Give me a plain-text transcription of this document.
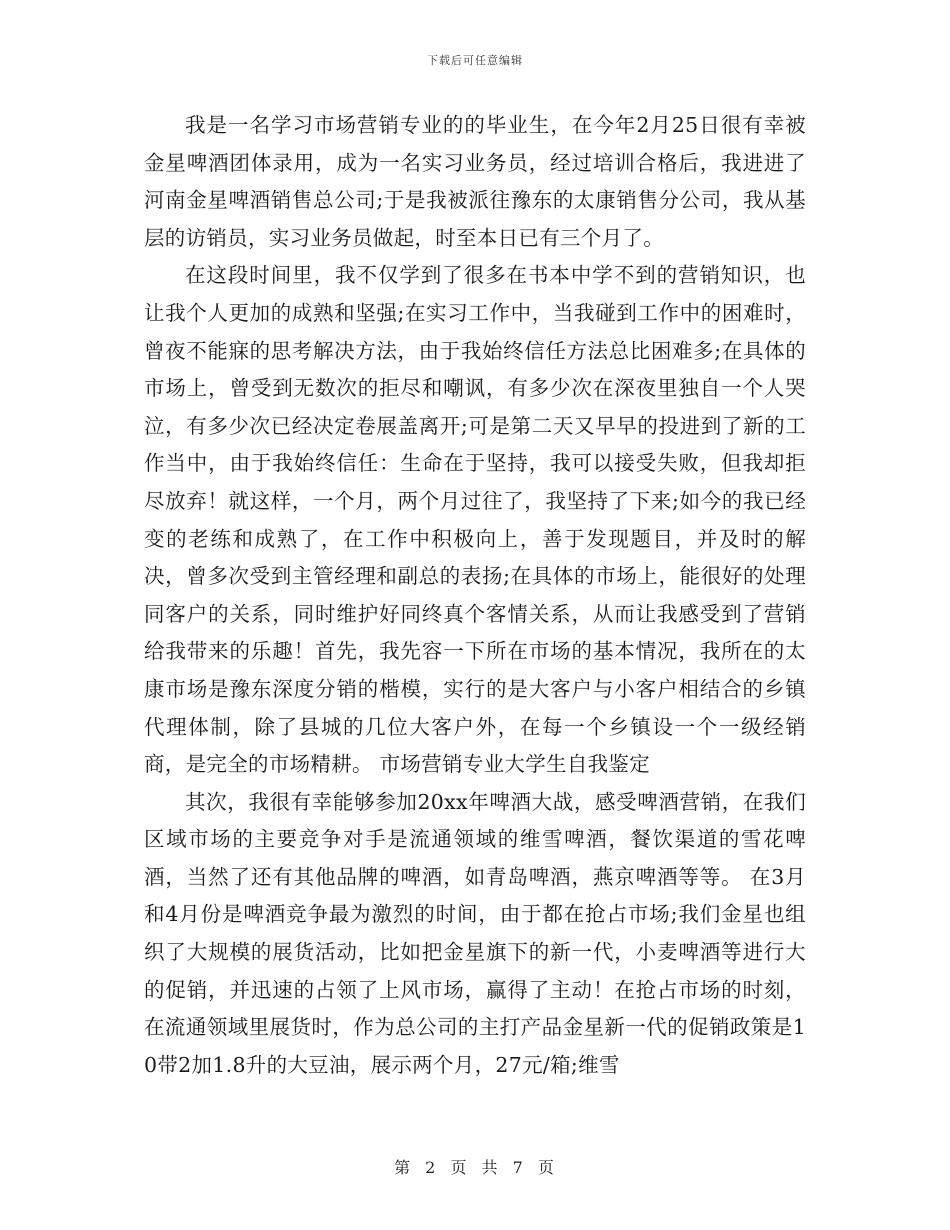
下载后可任意编辑

我是一名学习市场营销专业的的毕业生，在今年2月25日很有幸被金星啤酒团体录用，成为一名实习业务员，经过培训合格后，我进进了河南金星啤酒销售总公司;于是我被派往豫东的太康销售分公司，我从基层的访销员，实习业务员做起，时至本日已有三个月了。

在这段时间里，我不仅学到了很多在书本中学不到的营销知识，也让我个人更加的成熟和坚强;在实习工作中，当我碰到工作中的困难时，曾夜不能寐的思考解决方法，由于我始终信任方法总比困难多;在具体的市场上，曾受到无数次的拒尽和嘲讽，有多少次在深夜里独自一个人哭泣，有多少次已经决定卷展盖离开;可是第二天又早早的投进到了新的工作当中，由于我始终信任：生命在于坚持，我可以接受失败，但我却拒尽放弃！就这样，一个月，两个月过往了，我坚持了下来;如今的我已经变的老练和成熟了，在工作中积极向上，善于发现题目，并及时的解决，曾多次受到主管经理和副总的表扬;在具体的市场上，能很好的处理同客户的关系，同时维护好同终真个客情关系，从而让我感受到了营销给我带来的乐趣！首先，我先容一下所在市场的基本情况，我所在的太康市场是豫东深度分销的楷模，实行的是大客户与小客户相结合的乡镇代理体制，除了县城的几位大客户外，在每一个乡镇设一个一级经销商，是完全的市场精耕。 市场营销专业大学生自我鉴定

其次，我很有幸能够参加20xx年啤酒大战，感受啤酒营销，在我们区域市场的主要竞争对手是流通领域的维雪啤酒，餐饮渠道的雪花啤酒，当然了还有其他品牌的啤酒，如青岛啤酒，燕京啤酒等等。 在3月和4月份是啤酒竞争最为激烈的时间，由于都在抢占市场;我们金星也组织了大规模的展货活动，比如把金星旗下的新一代，小麦啤酒等进行大的促销，并迅速的占领了上风市场，赢得了主动！在抢占市场的时刻，在流通领域里展货时，作为总公司的主打产品金星新一代的促销政策是10带2加1.8升的大豆油，展示两个月，27元/箱;维雪

第 2 页 共 7 页
